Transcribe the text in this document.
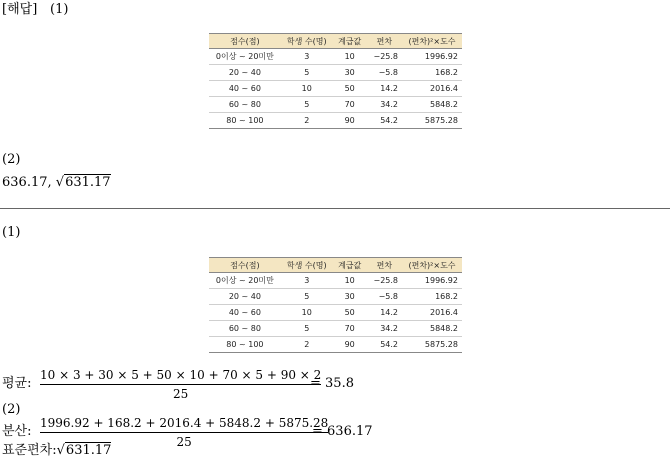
[해답] (1)
점수(점)	학생 수(명)	계급값	편차	(편차)²×도수
0이상 ~ 20미만	3	10	−25.8	1996.92
20 ~ 40	5	30	−5.8	168.2
40 ~ 60	10	50	14.2	2016.4
60 ~ 80	5	70	34.2	5848.2
80 ~ 100	2	90	54.2	5875.28
(2)
636.17, √631.17
(1)
점수(점)	학생 수(명)	계급값	편차	(편차)²×도수
0이상 ~ 20미만	3	10	−25.8	1996.92
20 ~ 40	5	30	−5.8	168.2
40 ~ 60	10	50	14.2	2016.4
60 ~ 80	5	70	34.2	5848.2
80 ~ 100	2	90	54.2	5875.28
평균:
10 × 3 + 30 × 5 + 50 × 10 + 70 × 5 + 90 × 2
25
= 35.8
(2)
분산:
1996.92 + 168.2 + 2016.4 + 5848.2 + 5875.28
25
= 636.17
표준편차:√631.17
